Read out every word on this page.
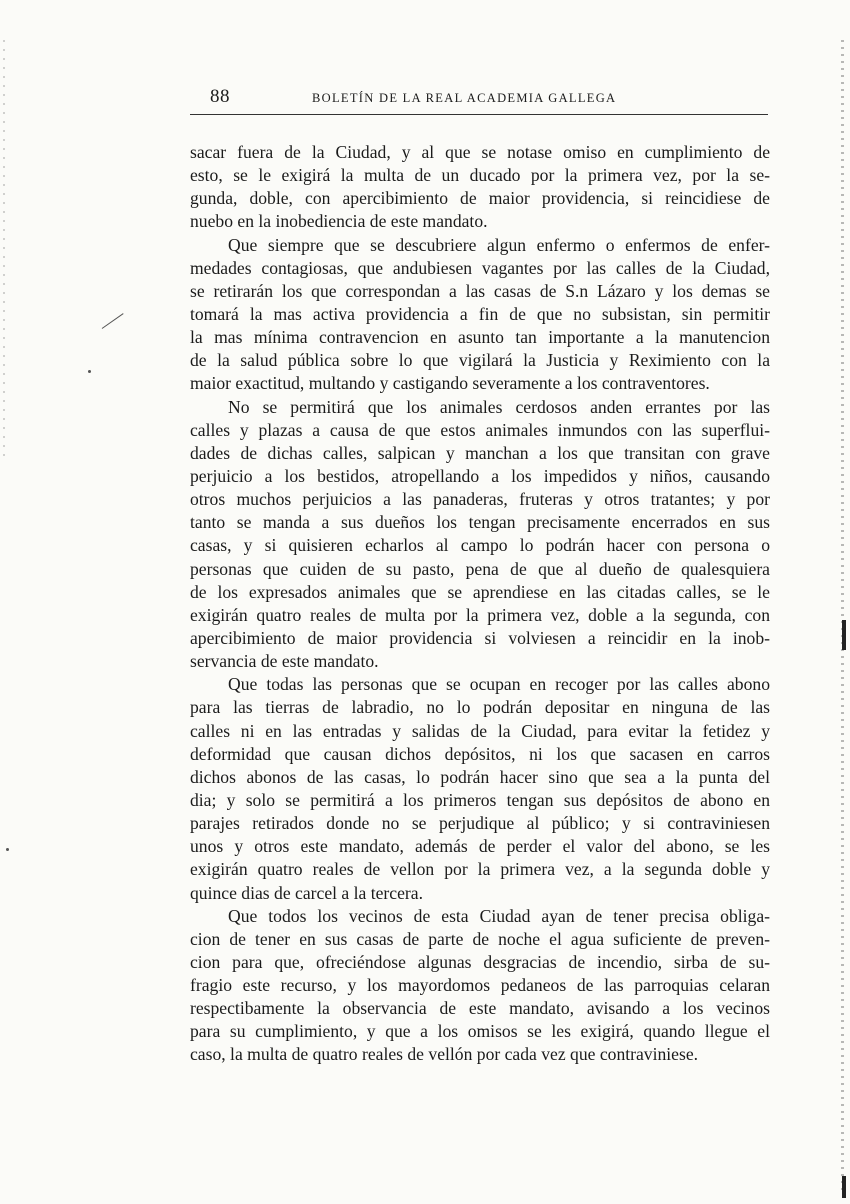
88	BOLETÍN DE LA REAL ACADEMIA GALLEGA
sacar fuera de la Ciudad, y al que se notase omiso en cumplimiento de
esto, se le exigirá la multa de un ducado por la primera vez, por la se-
gunda, doble, con apercibimiento de maior providencia, si reincidiese de
nuebo en la inobediencia de este mandato.
Que siempre que se descubriere algun enfermo o enfermos de enfer-
medades contagiosas, que andubiesen vagantes por las calles de la Ciudad,
se retirarán los que correspondan a las casas de S.n Lázaro y los demas se
tomará la mas activa providencia a fin de que no subsistan, sin permitir
la mas mínima contravencion en asunto tan importante a la manutencion
de la salud pública sobre lo que vigilará la Justicia y Reximiento con la
maior exactitud, multando y castigando severamente a los contraventores.
No se permitirá que los animales cerdosos anden errantes por las
calles y plazas a causa de que estos animales inmundos con las superflui-
dades de dichas calles, salpican y manchan a los que transitan con grave
perjuicio a los bestidos, atropellando a los impedidos y niños, causando
otros muchos perjuicios a las panaderas, fruteras y otros tratantes; y por
tanto se manda a sus dueños los tengan precisamente encerrados en sus
casas, y si quisieren echarlos al campo lo podrán hacer con persona o
personas que cuiden de su pasto, pena de que al dueño de qualesquiera
de los expresados animales que se aprendiese en las citadas calles, se le
exigirán quatro reales de multa por la primera vez, doble a la segunda, con
apercibimiento de maior providencia si volviesen a reincidir en la inob-
servancia de este mandato.
Que todas las personas que se ocupan en recoger por las calles abono
para las tierras de labradio, no lo podrán depositar en ninguna de las
calles ni en las entradas y salidas de la Ciudad, para evitar la fetidez y
deformidad que causan dichos depósitos, ni los que sacasen en carros
dichos abonos de las casas, lo podrán hacer sino que sea a la punta del
dia; y solo se permitirá a los primeros tengan sus depósitos de abono en
parajes retirados donde no se perjudique al público; y si contraviniesen
unos y otros este mandato, además de perder el valor del abono, se les
exigirán quatro reales de vellon por la primera vez, a la segunda doble y
quince dias de carcel a la tercera.
Que todos los vecinos de esta Ciudad ayan de tener precisa obliga-
cion de tener en sus casas de parte de noche el agua suficiente de preven-
cion para que, ofreciéndose algunas desgracias de incendio, sirba de su-
fragio este recurso, y los mayordomos pedaneos de las parroquias celaran
respectibamente la observancia de este mandato, avisando a los vecinos
para su cumplimiento, y que a los omisos se les exigirá, quando llegue el
caso, la multa de quatro reales de vellón por cada vez que contraviniese.
